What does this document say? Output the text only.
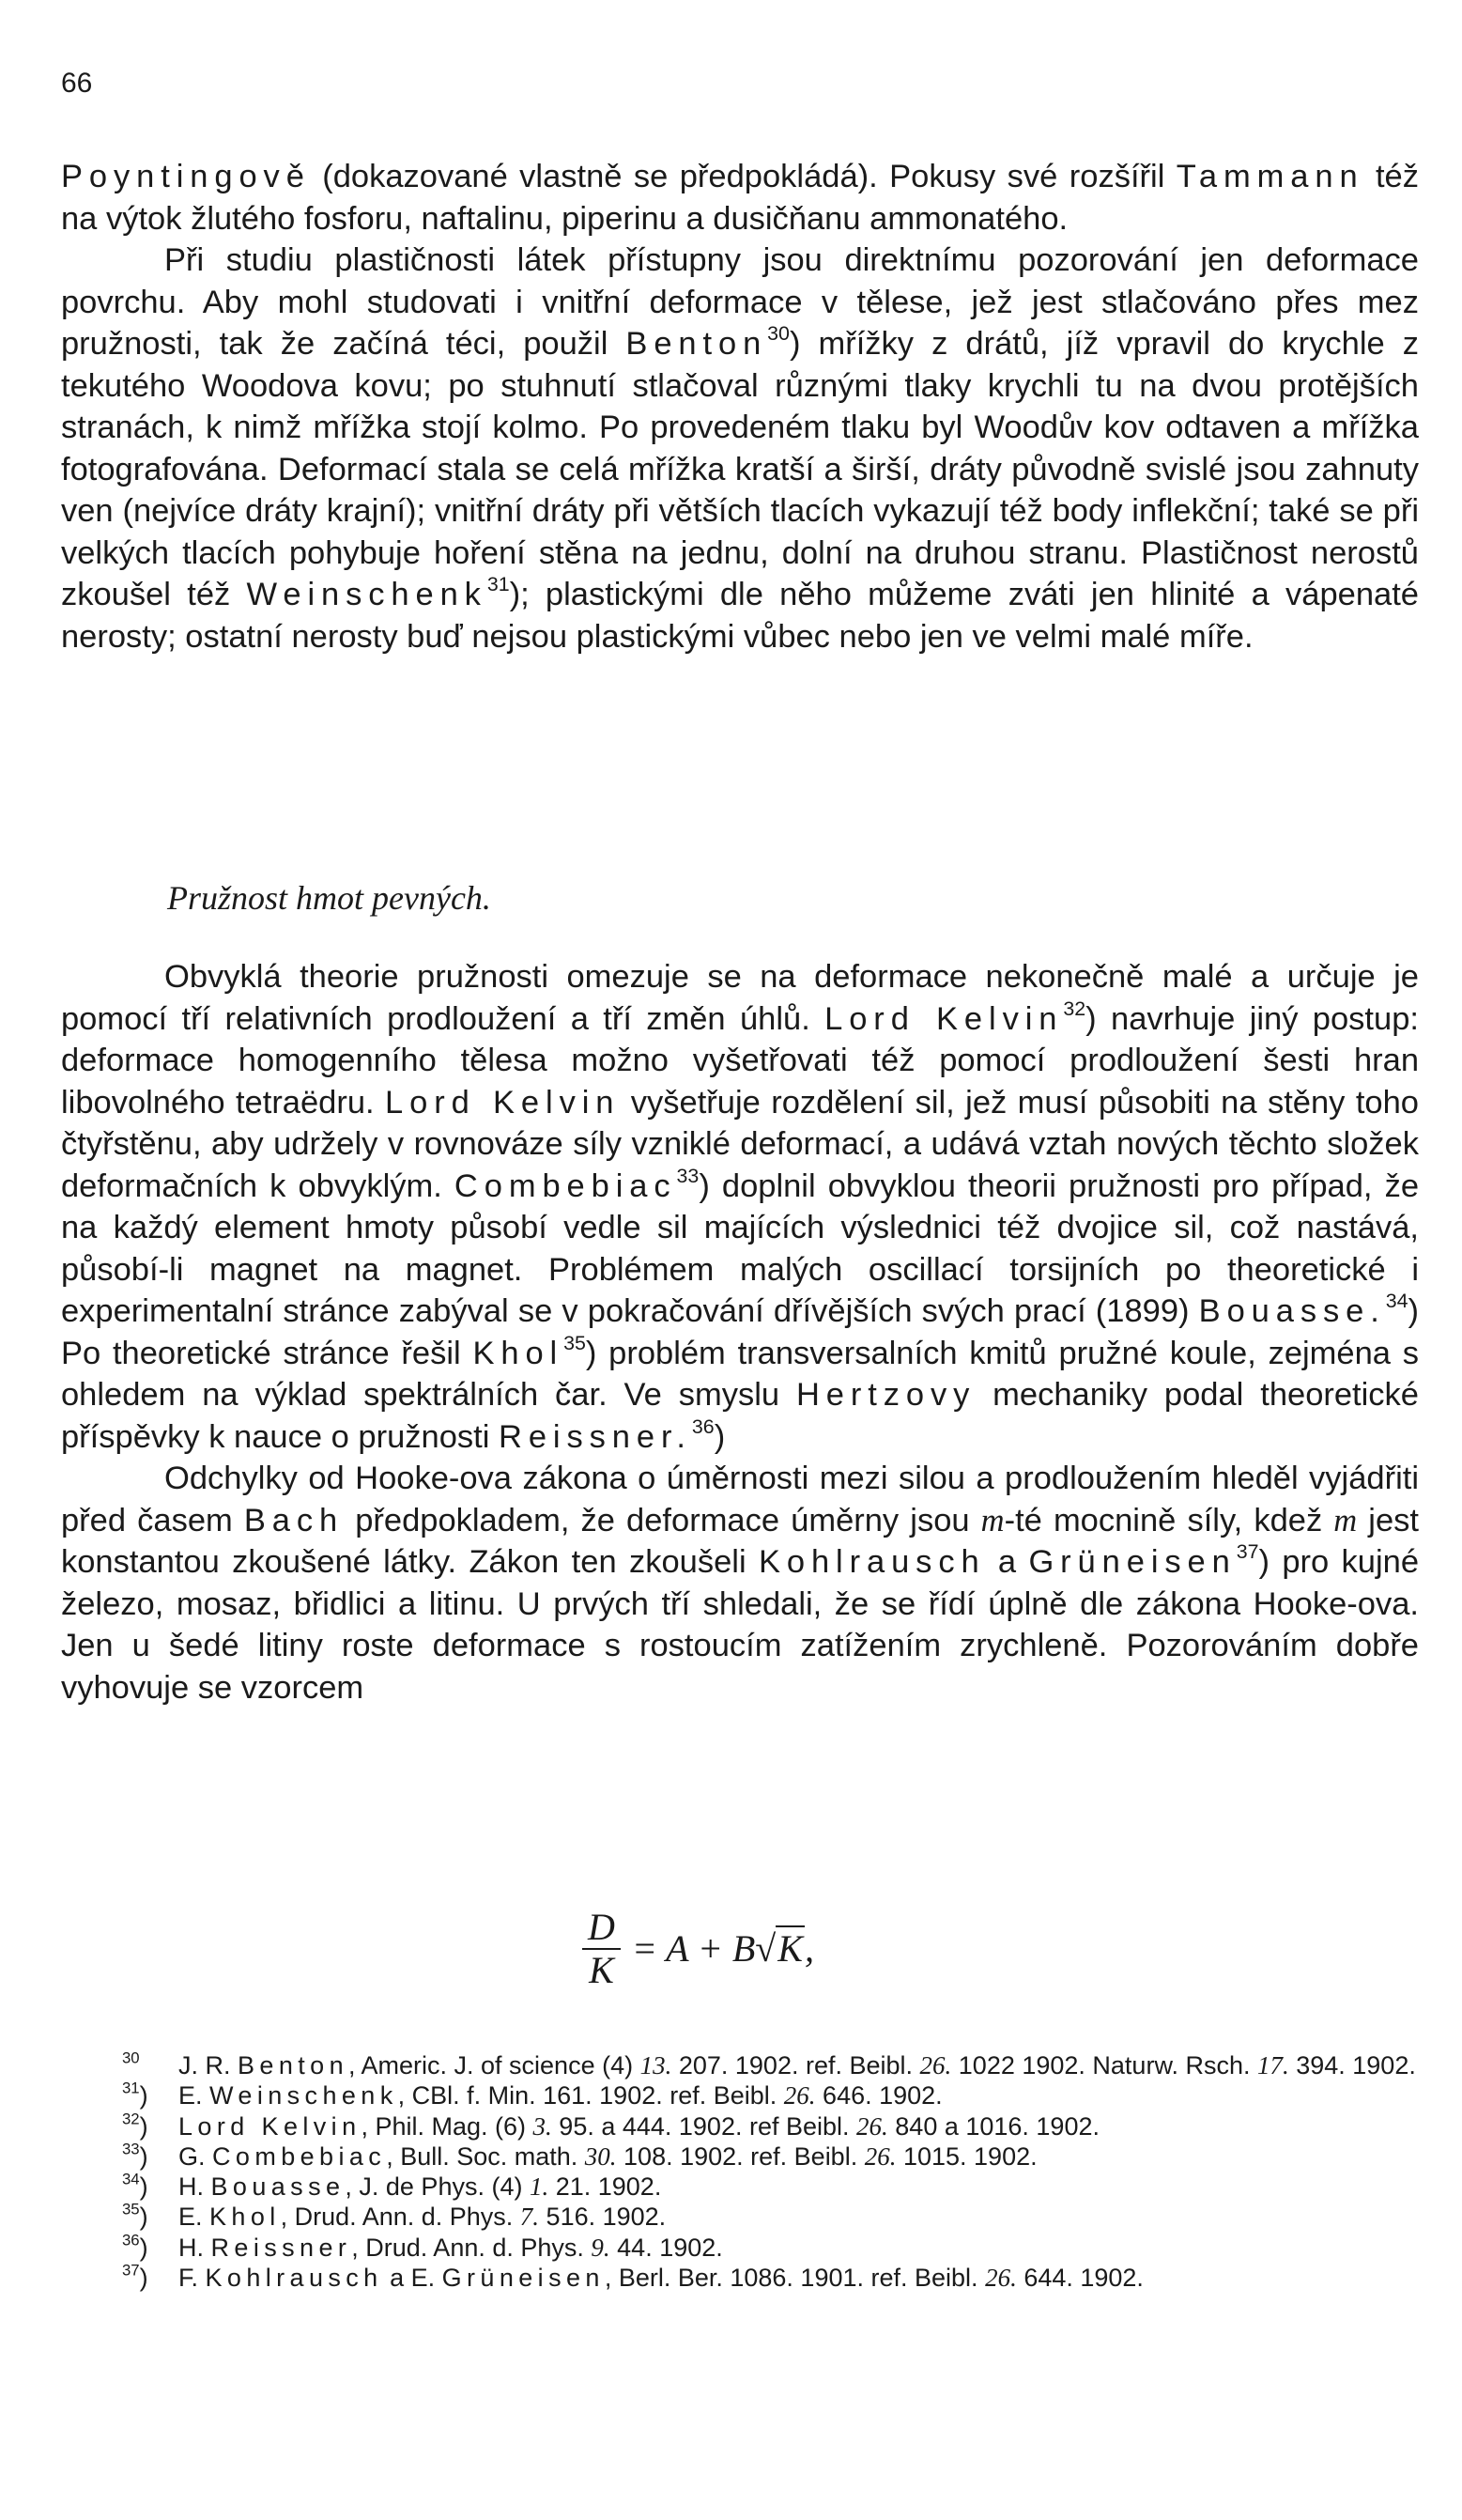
66

Poyntingově (dokazované vlastně se předpokládá). Pokusy své rozšířil Tammann též na výtok žlutého fosforu, naftalinu, piperinu a dusičňanu ammonatého.

Při studiu plastičnosti látek přístupny jsou direktnímu pozorování jen deformace povrchu. Aby mohl studovati i vnitřní deformace v tělese, jež jest stlačováno přes mez pružnosti, tak že začíná téci, použil Benton$^{30}$) mřížky z drátů, jíž vpravil do krychle z tekutého Woodova kovu; po stuhnutí stlačoval různými tlaky krychli tu na dvou protějších stranách, k nimž mřížka stojí kolmo. Po provedeném tlaku byl Woodův kov odtaven a mřížka fotografována. Deformací stala se celá mřížka kratší a širší, dráty původně svislé jsou zahnuty ven (nejvíce dráty krajní); vnitřní dráty při větších tlacích vykazují též body inflekční; také se při velkých tlacích pohybuje hoření stěna na jednu, dolní na druhou stranu. Plastičnost nerostů zkoušel též Weinschenk$^{31}$); plastickými dle něho můžeme zváti jen hlinité a vápenaté nerosty; ostatní nerosty buď nejsou plastickými vůbec nebo jen ve velmi malé míře.

Pružnost hmot pevných.

Obvyklá theorie pružnosti omezuje se na deformace nekonečně malé a určuje je pomocí tří relativních prodloužení a tří změn úhlů. Lord Kelvin$^{32}$) navrhuje jiný postup: deformace homogenního tělesa možno vyšetřovati též pomocí prodloužení šesti hran libovolného tetraëdru. Lord Kelvin vyšetřuje rozdělení sil, jež musí působiti na stěny toho čtyřstěnu, aby udržely v rovnováze síly vzniklé deformací, a udává vztah nových těchto složek deformačních k obvyklým. Combebiac$^{33}$) doplnil obvyklou theorii pružnosti pro případ, že na každý element hmoty působí vedle sil majících výslednici též dvojice sil, což nastává, působí-li magnet na magnet. Problémem malých oscillací torsijních po theoretické i experimentalní stránce zabýval se v pokračování dřívějších svých prací (1899) Bouasse.$^{34}$) Po theoretické stránce řešil Khol$^{35}$) problém transversalních kmitů pružné koule, zejména s ohledem na výklad spektrálních čar. Ve smyslu Hertzovy mechaniky podal theoretické příspěvky k nauce o pružnosti Reissner.$^{36}$)

Odchylky od Hooke-ova zákona o úměrnosti mezi silou a prodloužením hleděl vyjádřiti před časem Bach předpokladem, že deformace úměrny jsou m-té mocnině síly, kdež m jest konstantou zkoušené látky. Zákon ten zkoušeli Kohlrausch a Grüneisen$^{37}$) pro kujné železo, mosaz, břidlici a litinu. U prvých tří shledali, že se řídí úplně dle zákona Hooke-ova. Jen u šedé litiny roste deformace s rostoucím zatížením zrychleně. Pozorováním dobře vyhovuje se vzorcem

$\frac{D}{K} = A + B√K$,
$^{30}$ J. R. Benton, Americ. J. of science (4) 13. 207. 1902. ref. Beibl. 26. 1022 1902. Naturw. Rsch. 17. 394. 1902.
$^{31}$) E. Weinschenk, CBl. f. Min. 161. 1902. ref. Beibl. 26. 646. 1902.
$^{32}$) Lord Kelvin, Phil. Mag. (6) 3. 95. a 444. 1902. ref Beibl. 26. 840 a 1016. 1902.
$^{33}$) G. Combebiac, Bull. Soc. math. 30. 108. 1902. ref. Beibl. 26. 1015. 1902.
$^{34}$) H. Bouasse, J. de Phys. (4) 1. 21. 1902.
$^{35}$) E. Khol, Drud. Ann. d. Phys. 7. 516. 1902.
$^{36}$) H. Reissner, Drud. Ann. d. Phys. 9. 44. 1902.
$^{37}$) F. Kohlrausch a E. Grüneisen, Berl. Ber. 1086. 1901. ref. Beibl. 26. 644. 1902.
